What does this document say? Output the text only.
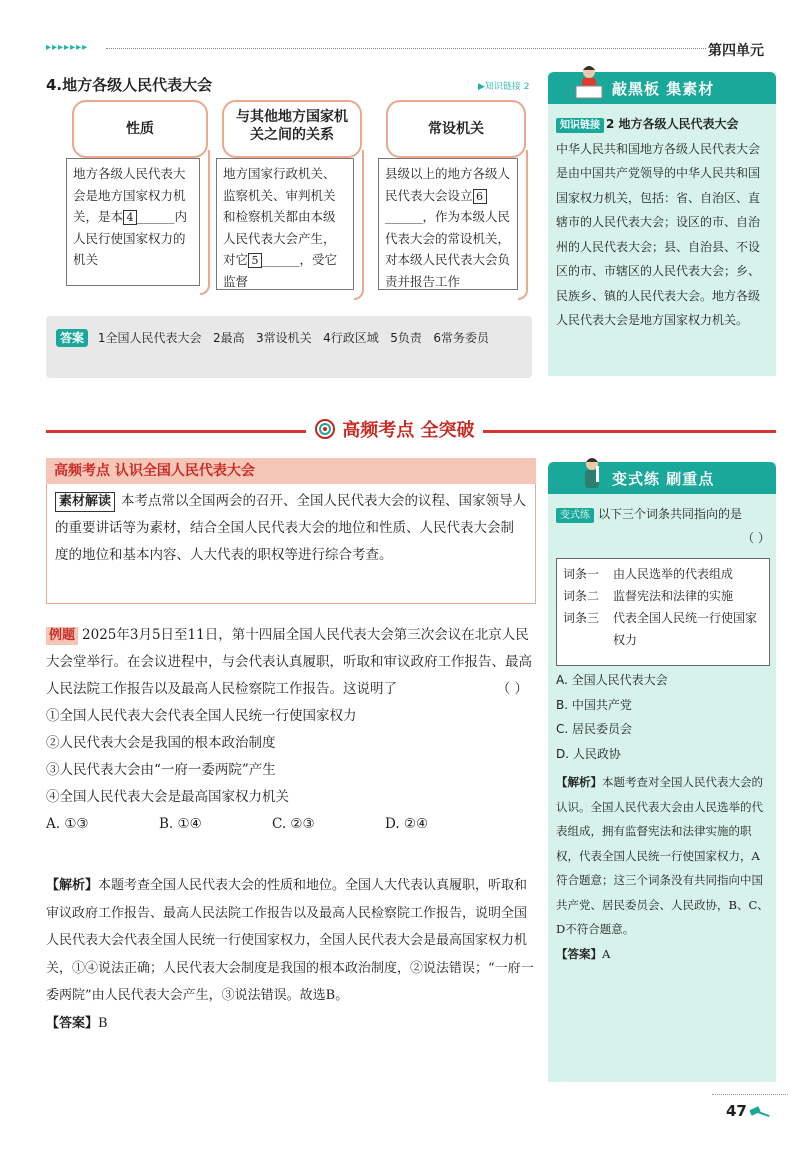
▸▸▸▸▸▸▸	第四单元
4.地方各级人民代表大会	▶知识链接 2
性质
地方各级人民代表大会是地方国家权力机关，是本 4 ______内人民行使国家权力的机关
与其他地方国家机关之间的关系
地方国家行政机关、监察机关、审判机关和检察机关都由本级人民代表大会产生，对它 5 ______，受它监督
常设机关
县级以上的地方各级人民代表大会设立 6______，作为本级人民代表大会的常设机关，对本级人民代表大会负责并报告工作
答案 1全国人民代表大会 2最高 3常设机关 4行政区域 5负责 6常务委员
敲黑板 集素材
知识链接 2 地方各级人民代表大会
中华人民共和国地方各级人民代表大会是由中国共产党领导的中华人民共和国国家权力机关，包括：省、自治区、直辖市的人民代表大会；设区的市、自治州的人民代表大会；县、自治县、不设区的市、市辖区的人民代表大会；乡、民族乡、镇的人民代表大会。地方各级人民代表大会是地方国家权力机关。
高频考点 全突破
高频考点 认识全国人民代表大会
素材解读 本考点常以全国两会的召开、全国人民代表大会的议程、国家领导人的重要讲话等为素材，结合全国人民代表大会的地位和性质、人民代表大会制度的地位和基本内容、人大代表的职权等进行综合考查。
例题 2025年3月5日至11日，第十四届全国人民代表大会第三次会议在北京人民大会堂举行。在会议进程中，与会代表认真履职，听取和审议政府工作报告、最高人民法院工作报告以及最高人民检察院工作报告。这说明了	（ ）
①全国人民代表大会代表全国人民统一行使国家权力
②人民代表大会是我国的根本政治制度
③人民代表大会由“一府一委两院”产生
④全国人民代表大会是最高国家权力机关
A. ①③	B. ①④	C. ②③	D. ②④
【解析】本题考查全国人民代表大会的性质和地位。全国人大代表认真履职，听取和审议政府工作报告、最高人民法院工作报告以及最高人民检察院工作报告，说明全国人民代表大会代表全国人民统一行使国家权力，全国人民代表大会是最高国家权力机关，①④说法正确；人民代表大会制度是我国的根本政治制度，②说法错误；“一府一委两院”由人民代表大会产生，③说法错误。故选B。
【答案】B
变式练 刷重点
变式练 以下三个词条共同指向的是
（ ）
词条一	由人民选举的代表组成
词条二	监督宪法和法律的实施
词条三	代表全国人民统一行使国家权力
A. 全国人民代表大会
B. 中国共产党
C. 居民委员会
D. 人民政协
【解析】本题考查对全国人民代表大会的认识。全国人民代表大会由人民选举的代表组成，拥有监督宪法和法律实施的职权，代表全国人民统一行使国家权力，A符合题意；这三个词条没有共同指向中国共产党、居民委员会、人民政协，B、C、D不符合题意。
【答案】A
47
